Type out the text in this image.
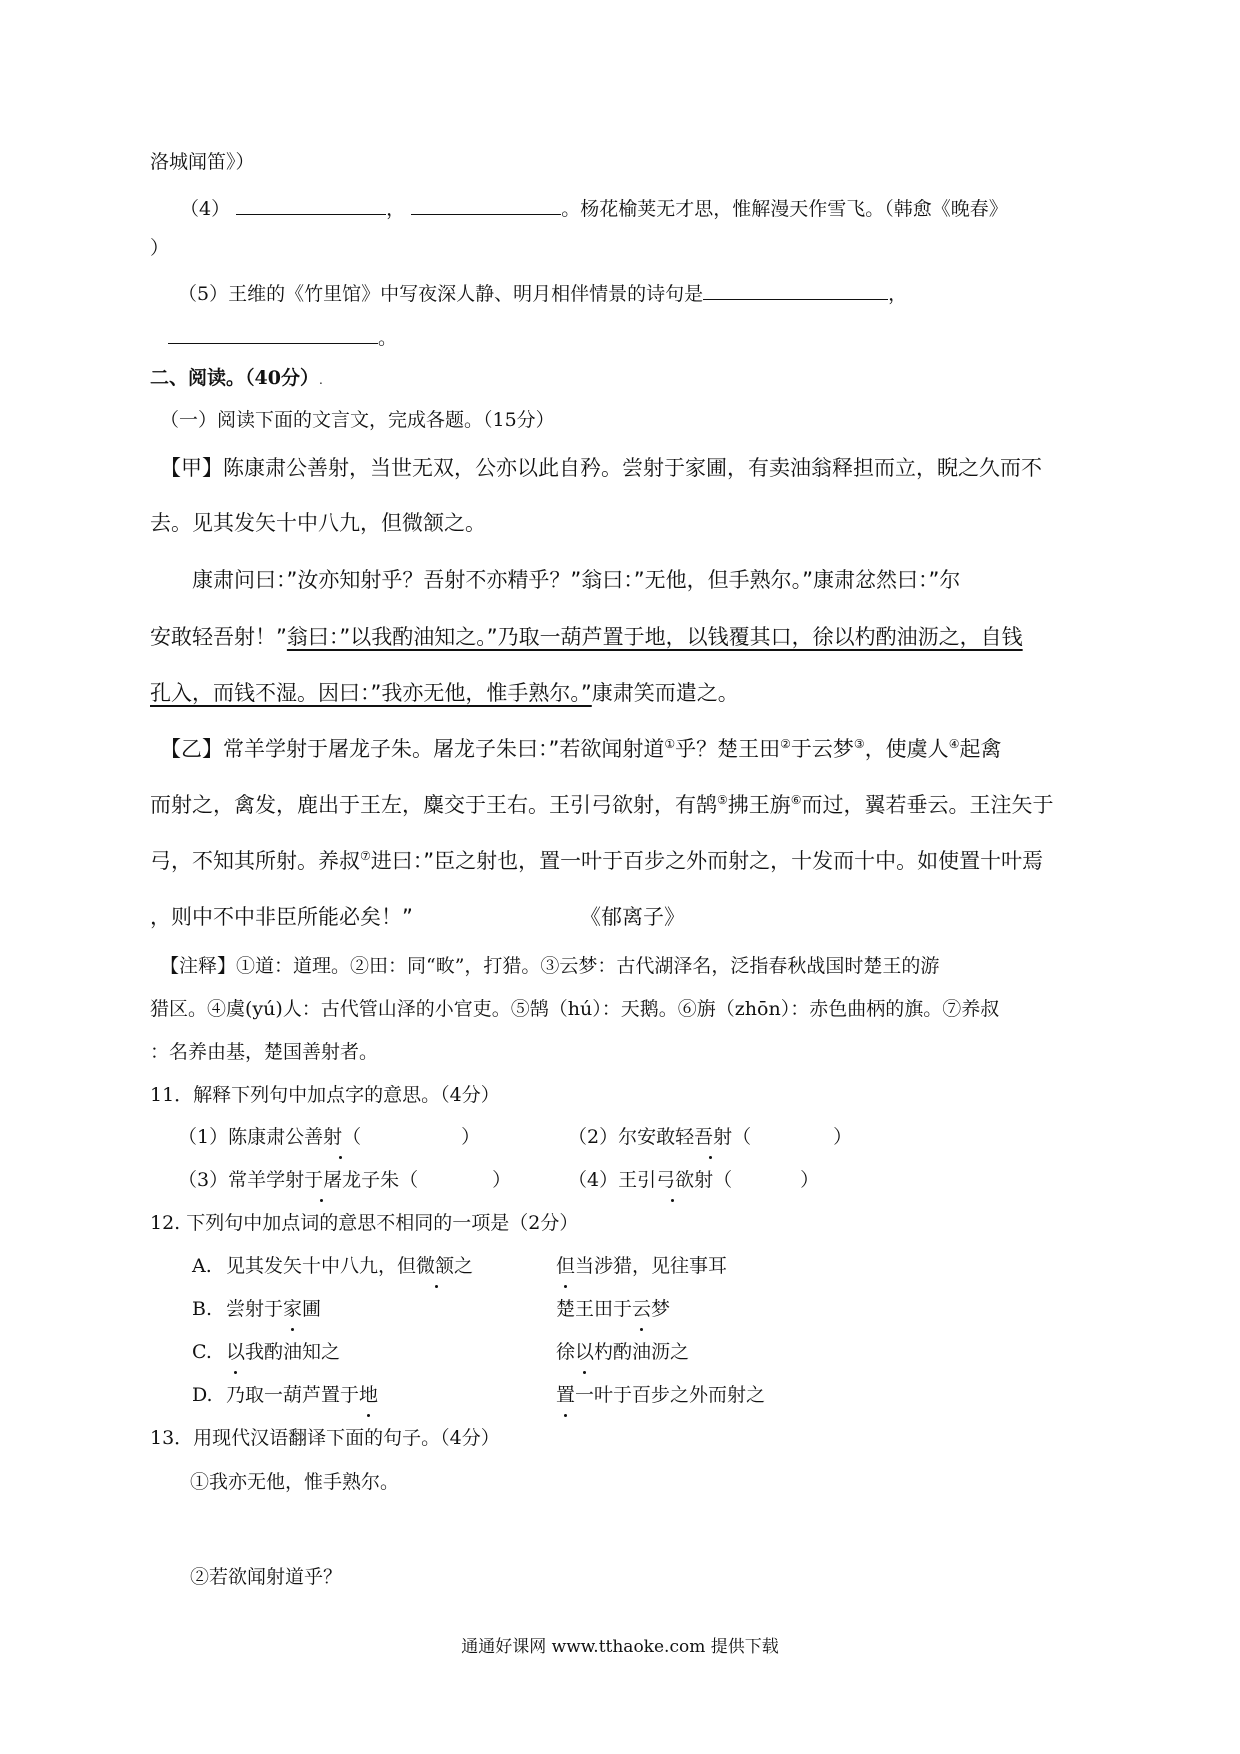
洛城闻笛》）
（4）	，	。杨花榆荚无才思，惟解漫天作雪飞。（韩愈《晚春》
）
（5）王维的《竹里馆》中写夜深人静、明月相伴情景的诗句是	，
。
二、阅读。（40分）.
（一）阅读下面的文言文，完成各题。（15分）
【甲】陈康肃公善射，当世无双，公亦以此自矜。尝射于家圃，有卖油翁释担而立，睨之久而不
去。见其发矢十中八九，但微颔之。
康肃问曰：”汝亦知射乎？吾射不亦精乎？”翁曰：”无他，但手熟尔。”康肃忿然曰：”尔
安敢轻吾射！”翁曰：”以我酌油知之。”乃取一葫芦置于地，以钱覆其口，徐以杓酌油沥之，自钱
孔入，而钱不湿。因曰：”我亦无他，惟手熟尔。”康肃笑而遣之。
【乙】常羊学射于屠龙子朱。屠龙子朱曰：”若欲闻射道①乎？楚王田②于云梦③，使虞人④起禽
而射之，禽发，鹿出于王左，麋交于王右。王引弓欲射，有鹄⑤拂王旃⑥而过，翼若垂云。王注矢于
弓，不知其所射。养叔⑦进曰：”臣之射也，置一叶于百步之外而射之，十发而十中。如使置十叶焉
，则中不中非臣所能必矣！”	《郁离子》
【注释】①道：道理。②田：同“畋”，打猎。③云梦：古代湖泽名，泛指春秋战国时楚王的游
猎区。④虞(yú)人：古代管山泽的小官吏。⑤鹄（hú）：天鹅。⑥旃（zhōn）：赤色曲柄的旗。⑦养叔
：名养由基，楚国善射者。
11．解释下列句中加点字的意思。（4分）
（1）陈康肃公善射（	）	（2）尔安敢轻吾射（	）
（3）常羊学射于屠龙子朱（	）	（4）王引弓欲射（	）
12. 下列句中加点词的意思不相同的一项是（2分）
A. 见其发矢十中八九，但微颔之	但当涉猎，见往事耳
B. 尝射于家圃	楚王田于云梦
C. 以我酌油知之	徐以杓酌油沥之
D. 乃取一葫芦置于地	置一叶于百步之外而射之
13．用现代汉语翻译下面的句子。（4分）
①我亦无他，惟手熟尔。
②若欲闻射道乎？
通通好课网 www.tthaoke.com 提供下载
